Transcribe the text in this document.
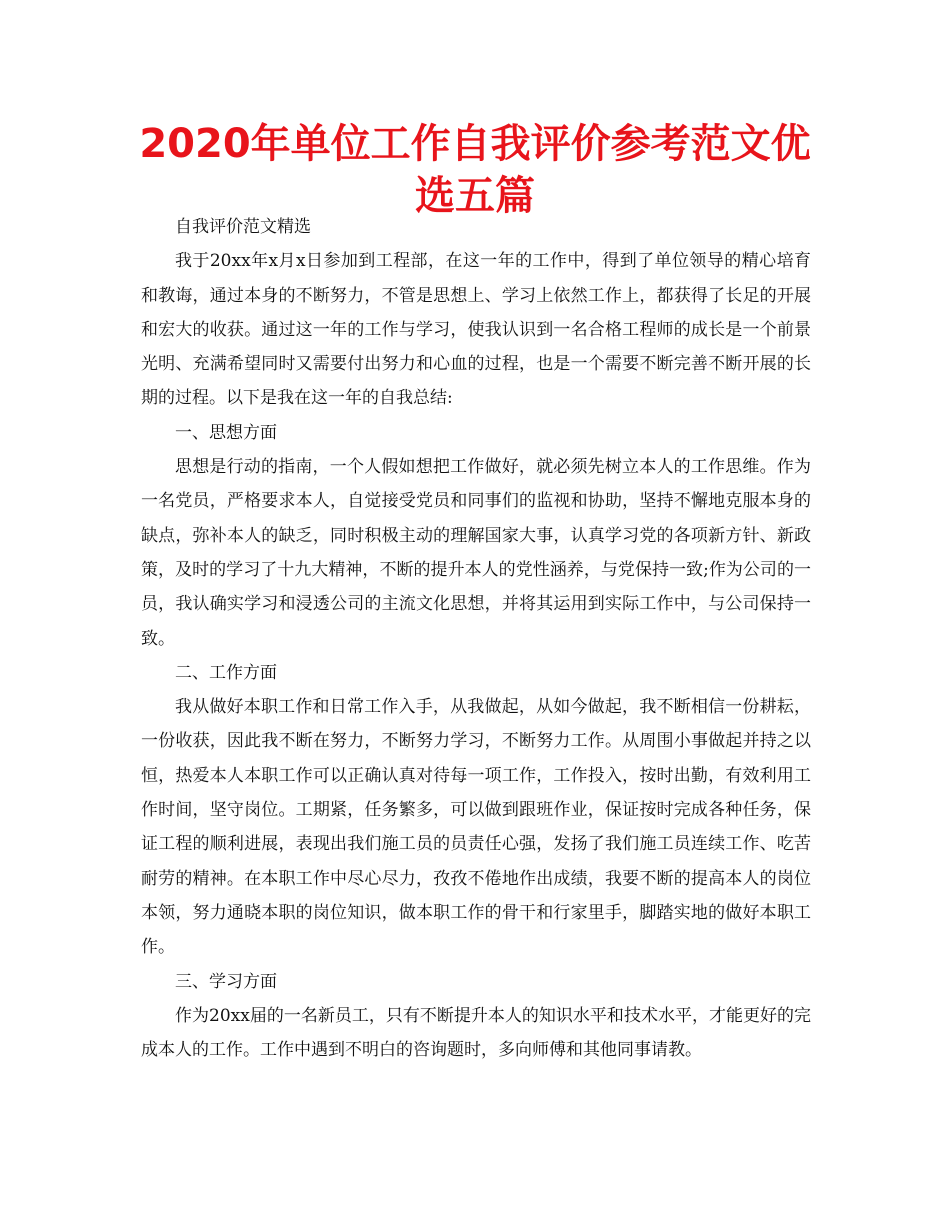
2020年单位工作自我评价参考范文优选五篇

自我评价范文精选

我于20xx年x月x日参加到工程部，在这一年的工作中，得到了单位领导的精心培育和教诲，通过本身的不断努力，不管是思想上、学习上依然工作上，都获得了长足的开展和宏大的收获。通过这一年的工作与学习，使我认识到一名合格工程师的成长是一个前景光明、充满希望同时又需要付出努力和心血的过程，也是一个需要不断完善不断开展的长期的过程。以下是我在这一年的自我总结:

一、思想方面

思想是行动的指南，一个人假如想把工作做好，就必须先树立本人的工作思维。作为一名党员，严格要求本人，自觉接受党员和同事们的监视和协助，坚持不懈地克服本身的缺点，弥补本人的缺乏，同时积极主动的理解国家大事，认真学习党的各项新方针、新政策，及时的学习了十九大精神，不断的提升本人的党性涵养，与党保持一致;作为公司的一员，我认确实学习和浸透公司的主流文化思想，并将其运用到实际工作中，与公司保持一致。

二、工作方面

我从做好本职工作和日常工作入手，从我做起，从如今做起，我不断相信一份耕耘，一份收获，因此我不断在努力，不断努力学习，不断努力工作。从周围小事做起并持之以恒，热爱本人本职工作可以正确认真对待每一项工作，工作投入，按时出勤，有效利用工作时间，坚守岗位。工期紧，任务繁多，可以做到跟班作业，保证按时完成各种任务，保证工程的顺利进展，表现出我们施工员的员责任心强，发扬了我们施工员连续工作、吃苦耐劳的精神。在本职工作中尽心尽力，孜孜不倦地作出成绩，我要不断的提高本人的岗位本领，努力通晓本职的岗位知识，做本职工作的骨干和行家里手，脚踏实地的做好本职工作。

三、学习方面

作为20xx届的一名新员工，只有不断提升本人的知识水平和技术水平，才能更好的完成本人的工作。工作中遇到不明白的咨询题时，多向师傅和其他同事请教。
